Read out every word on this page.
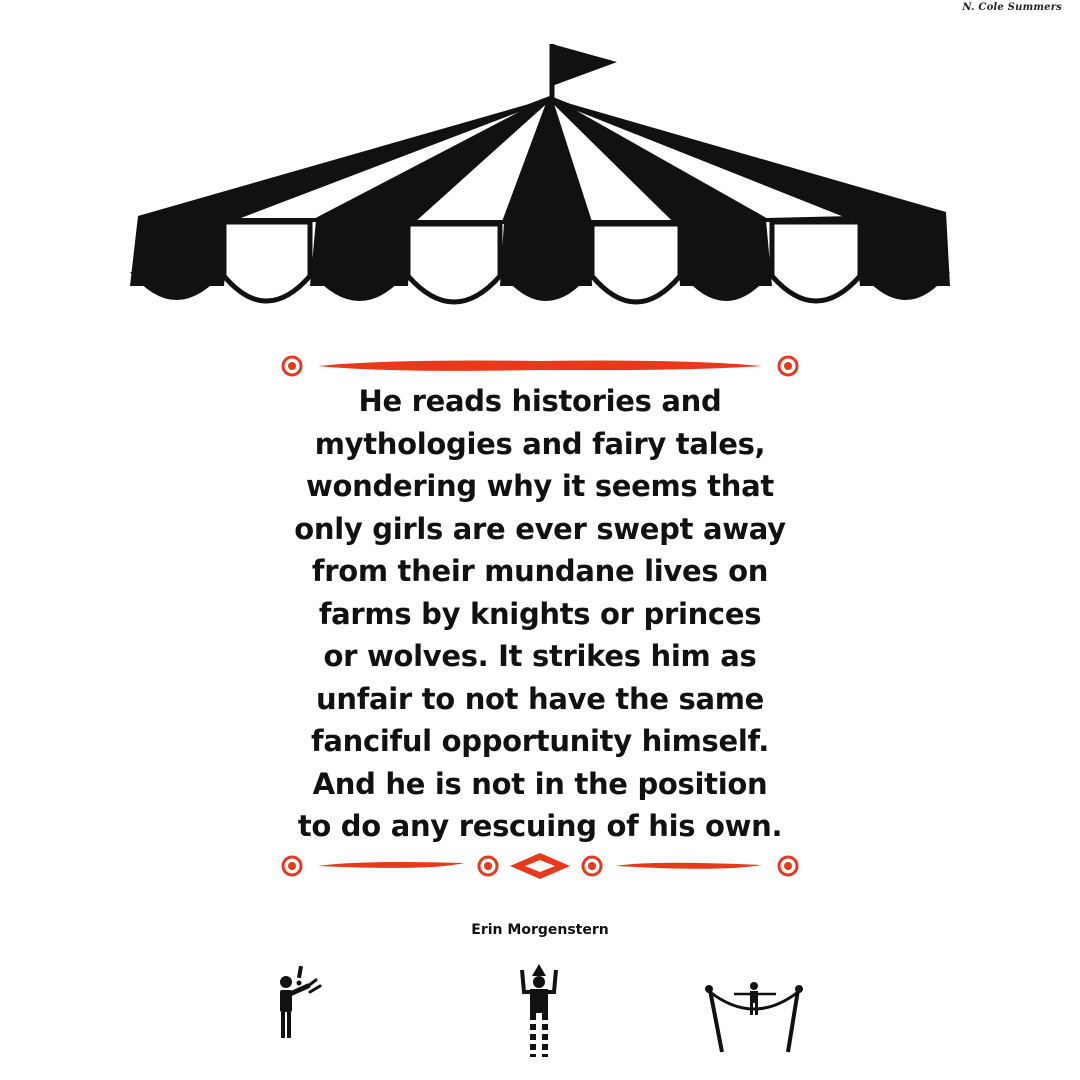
N. Cole Summers

He reads histories and
mythologies and fairy tales,
wondering why it seems that
only girls are ever swept away
from their mundane lives on
farms by knights or princes
or wolves. It strikes him as
unfair to not have the same
fanciful opportunity himself.
And he is not in the position
to do any rescuing of his own.

Erin Morgenstern
